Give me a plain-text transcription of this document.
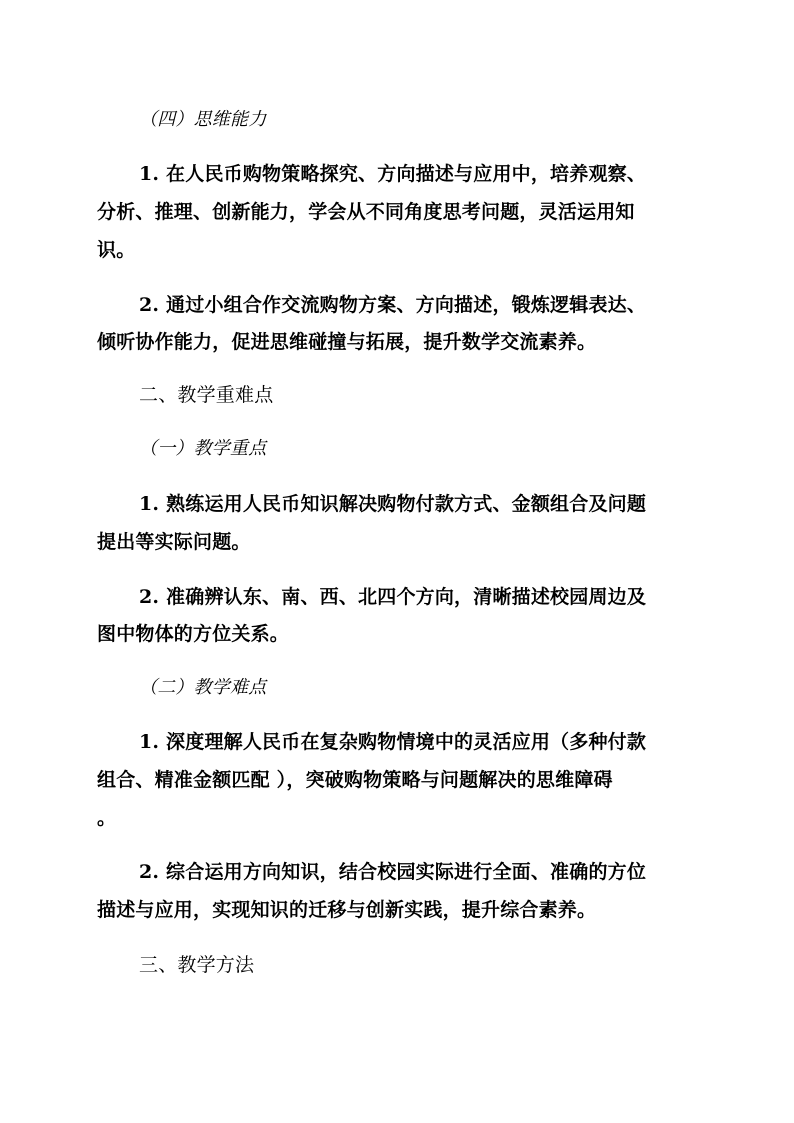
（四）思维能力
1. 在人民币购物策略探究、方向描述与应用中，培养观察、
分析、推理、创新能力，学会从不同角度思考问题，灵活运用知
识。
2. 通过小组合作交流购物方案、方向描述，锻炼逻辑表达、
倾听协作能力，促进思维碰撞与拓展，提升数学交流素养。
二、教学重难点
（一）教学重点
1. 熟练运用人民币知识解决购物付款方式、金额组合及问题
提出等实际问题。
2. 准确辨认东、南、西、北四个方向，清晰描述校园周边及
图中物体的方位关系。
（二）教学难点
1. 深度理解人民币在复杂购物情境中的灵活应用（多种付款
组合、精准金额匹配 ），突破购物策略与问题解决的思维障碍
。
2. 综合运用方向知识，结合校园实际进行全面、准确的方位
描述与应用，实现知识的迁移与创新实践，提升综合素养。
三、教学方法
